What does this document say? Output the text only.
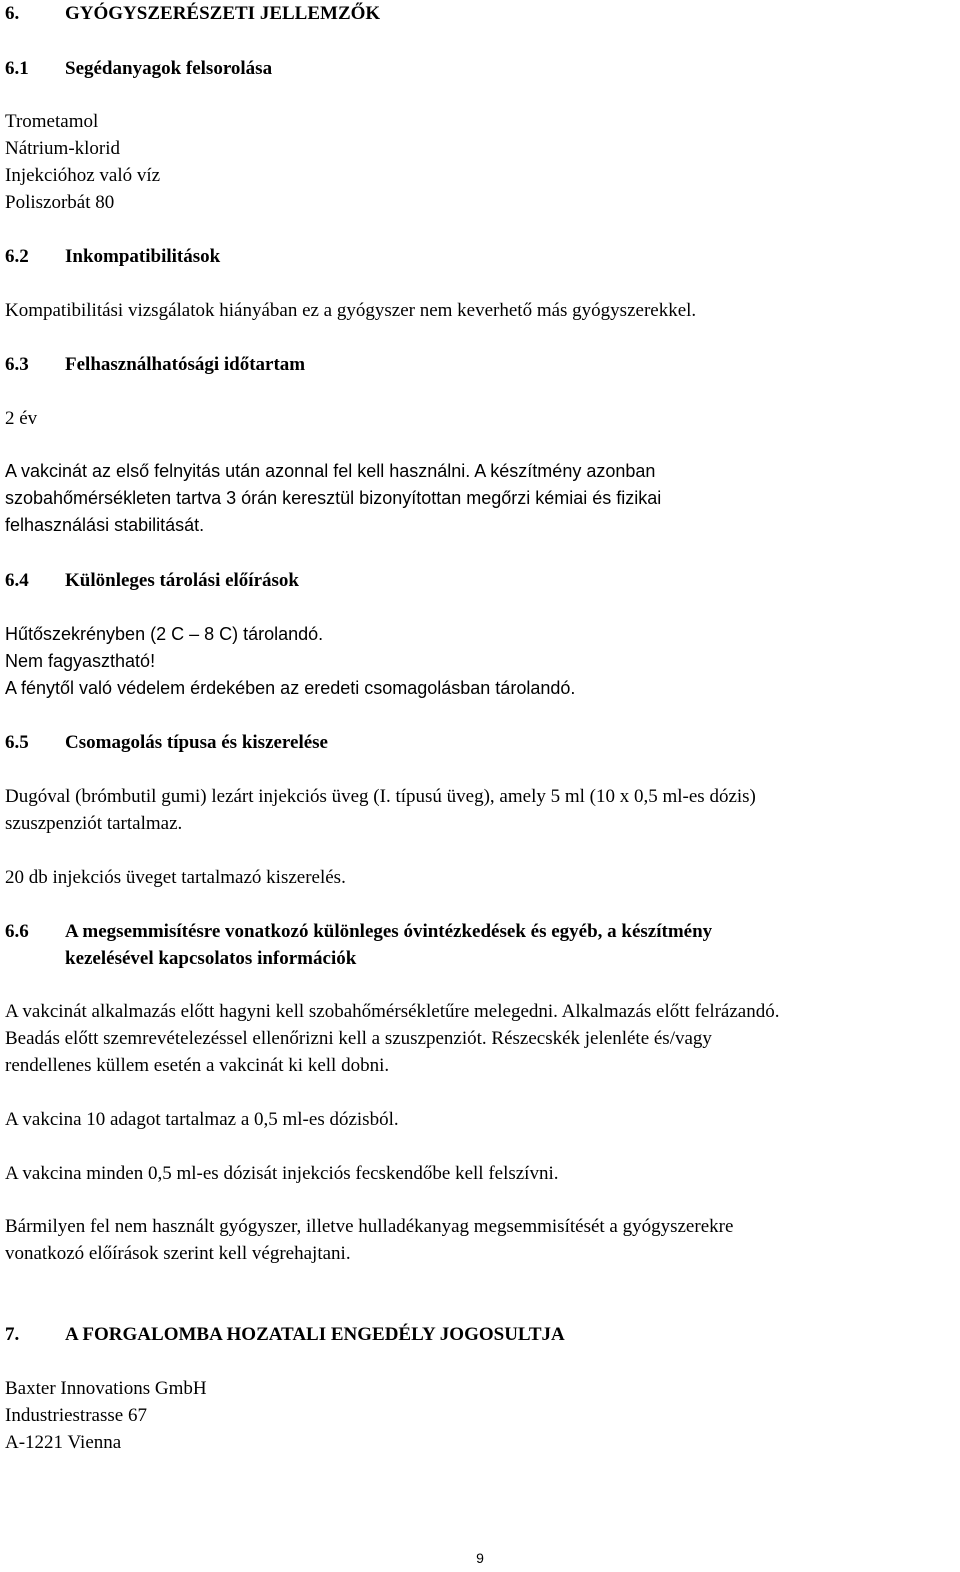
6. GYÓGYSZERÉSZETI JELLEMZŐK
6.1 Segédanyagok felsorolása
Trometamol
Nátrium-klorid
Injekcióhoz való víz
Poliszorbát 80
6.2 Inkompatibilitások
Kompatibilitási vizsgálatok hiányában ez a gyógyszer nem keverhető más gyógyszerekkel.
6.3 Felhasználhatósági időtartam
2 év
A vakcinát az első felnyitás után azonnal fel kell használni. A készítmény azonban
szobahőmérsékleten tartva 3 órán keresztül bizonyítottan megőrzi kémiai és fizikai
felhasználási stabilitását.
6.4 Különleges tárolási előírások
Hűtőszekrényben (2 C – 8 C) tárolandó.
Nem fagyasztható!
A fénytől való védelem érdekében az eredeti csomagolásban tárolandó.
6.5 Csomagolás típusa és kiszerelése
Dugóval (brómbutil gumi) lezárt injekciós üveg (I. típusú üveg), amely 5 ml (10 x 0,5 ml-es dózis)
szuszpenziót tartalmaz.
20 db injekciós üveget tartalmazó kiszerelés.
6.6 A megsemmisítésre vonatkozó különleges óvintézkedések és egyéb, a készítmény
kezelésével kapcsolatos információk
A vakcinát alkalmazás előtt hagyni kell szobahőmérsékletűre melegedni. Alkalmazás előtt felrázandó.
Beadás előtt szemrevételezéssel ellenőrizni kell a szuszpenziót. Részecskék jelenléte és/vagy
rendellenes küllem esetén a vakcinát ki kell dobni.
A vakcina 10 adagot tartalmaz a 0,5 ml-es dózisból.
A vakcina minden 0,5 ml-es dózisát injekciós fecskendőbe kell felszívni.
Bármilyen fel nem használt gyógyszer, illetve hulladékanyag megsemmisítését a gyógyszerekre
vonatkozó előírások szerint kell végrehajtani.
7. A FORGALOMBA HOZATALI ENGEDÉLY JOGOSULTJA
Baxter Innovations GmbH
Industriestrasse 67
A-1221 Vienna
9
